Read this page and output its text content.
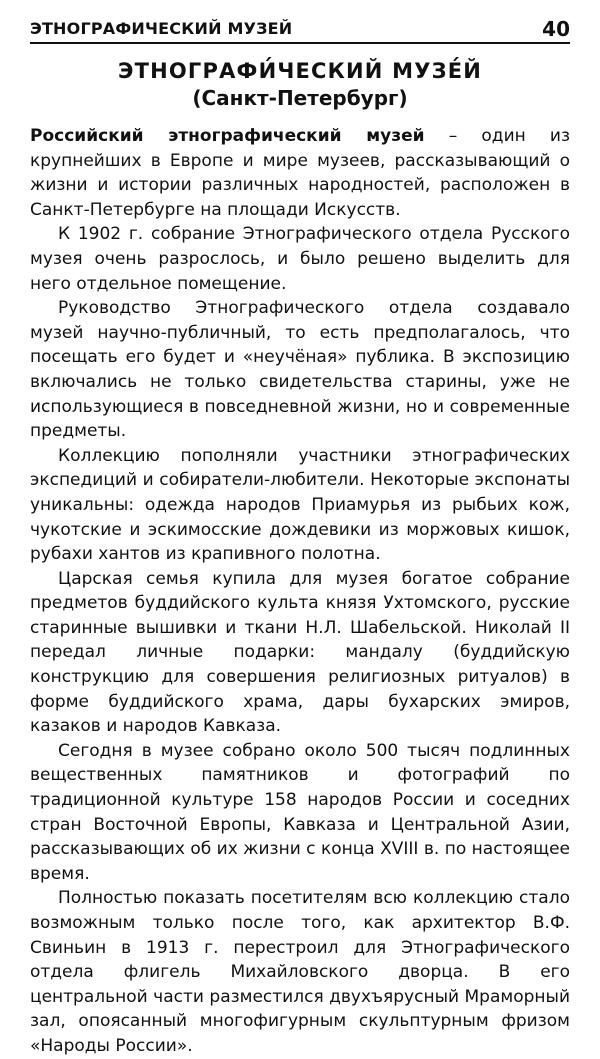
ЭТНОГРАФИЧЕСКИЙ МУЗЕЙ	40
ЭТНОГРАФИ́ЧЕСКИЙ МУЗЕ́Й
(Санкт-Петербург)

Российский этнографический музей – один из крупнейших в Европе и мире музеев, рассказывающий о жизни и истории различных народностей, расположен в Санкт-Петербурге на площади Искусств.

К 1902 г. собрание Этнографического отдела Русского музея очень разрослось, и было решено выделить для него отдельное помещение.

Руководство Этнографического отдела создавало музей научно-публичный, то есть предполагалось, что посещать его будет и «неучёная» публика. В экспозицию включались не только свидетельства старины, уже не использующиеся в повседневной жизни, но и современные предметы.

Коллекцию пополняли участники этнографических экспедиций и собиратели-любители. Некоторые экспонаты уникальны: одежда народов Приамурья из рыбьих кож, чукотские и эскимосские дождевики из моржовых кишок, рубахи хантов из крапивного полотна.

Царская семья купила для музея богатое собрание предметов буддийского культа князя Ухтомского, русские старинные вышивки и ткани Н.Л. Шабельской. Николай II передал личные подарки: мандалу (буддийскую конструкцию для совершения религиозных ритуалов) в форме буддийского храма, дары бухарских эмиров, казаков и народов Кавказа.

Сегодня в музее собрано около 500 тысяч подлинных вещественных памятников и фотографий по традиционной культуре 158 народов России и соседних стран Восточной Европы, Кавказа и Центральной Азии, рассказывающих об их жизни с конца XVIII в. по настоящее время.

Полностью показать посетителям всю коллекцию стало возможным только после того, как архитектор В.Ф. Свиньин в 1913 г. перестроил для Этнографического отдела флигель Михайловского дворца. В его центральной части разместился двухъярусный Мраморный зал, опоясанный многофигурным скульптурным фризом «Народы России».
